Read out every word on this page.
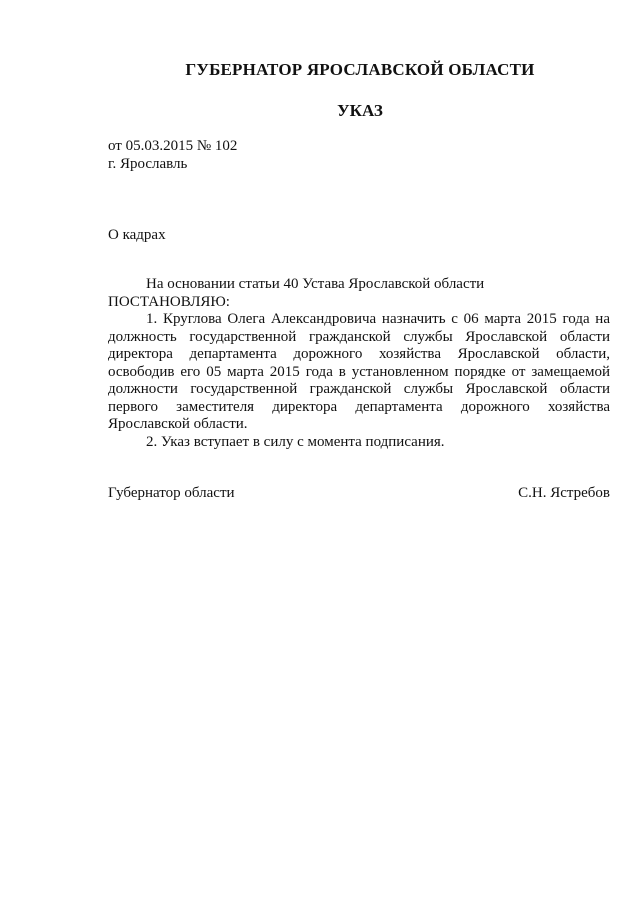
ГУБЕРНАТОР ЯРОСЛАВСКОЙ ОБЛАСТИ
УКАЗ
от 05.03.2015 № 102
г. Ярославль
О кадрах

На основании статьи 40 Устава Ярославской области

ПОСТАНОВЛЯЮ:

1. Круглова Олега Александровича назначить с 06 марта 2015 года на должность государственной гражданской службы Ярославской области директора департамента дорожного хозяйства Ярославской области, освободив его 05 марта 2015 года в установленном порядке от замещаемой должности государственной гражданской службы Ярославской области первого заместителя директора департамента дорожного хозяйства Ярославской области.

2. Указ вступает в силу с момента подписания.

Губернатор области	С.Н. Ястребов
